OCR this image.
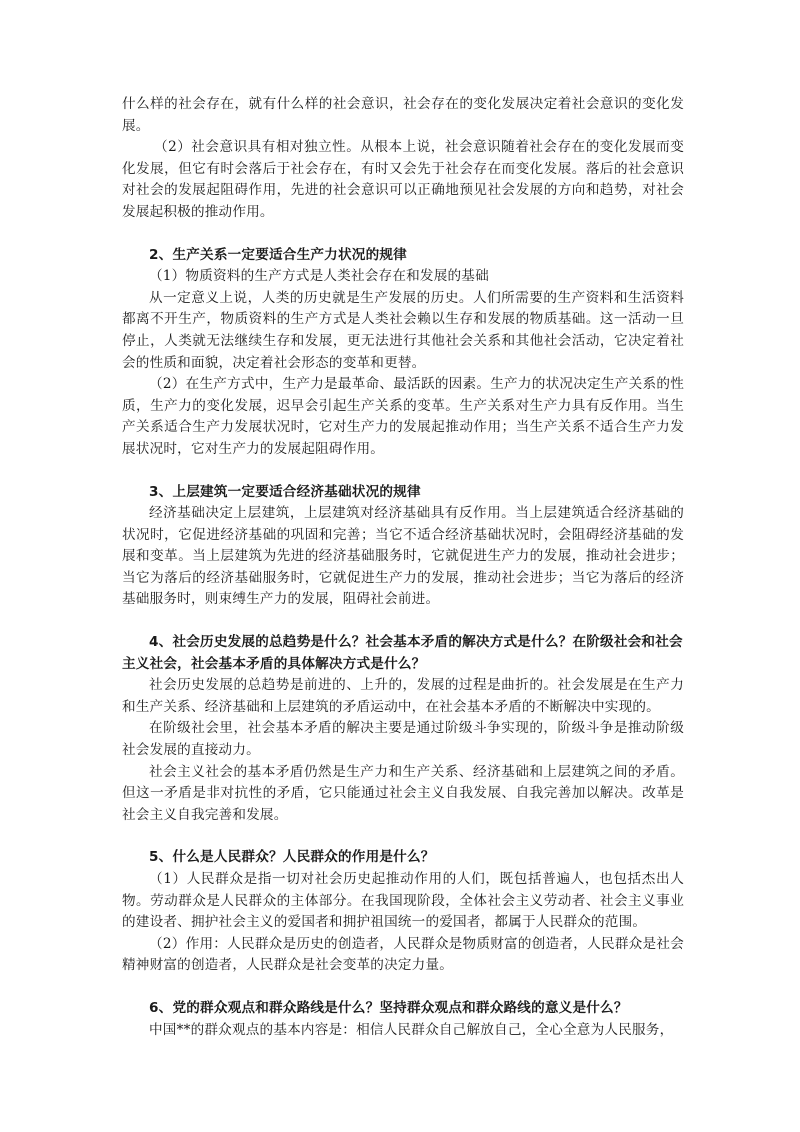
什么样的社会存在，就有什么样的社会意识，社会存在的变化发展决定着社会意识的变化发展。

（2）社会意识具有相对独立性。从根本上说，社会意识随着社会存在的变化发展而变化发展，但它有时会落后于社会存在，有时又会先于社会存在而变化发展。落后的社会意识对社会的发展起阻碍作用，先进的社会意识可以正确地预见社会发展的方向和趋势，对社会发展起积极的推动作用。

2、生产关系一定要适合生产力状况的规律

（1）物质资料的生产方式是人类社会存在和发展的基础

从一定意义上说，人类的历史就是生产发展的历史。人们所需要的生产资料和生活资料都离不开生产，物质资料的生产方式是人类社会赖以生存和发展的物质基础。这一活动一旦停止，人类就无法继续生存和发展，更无法进行其他社会关系和其他社会活动，它决定着社会的性质和面貌，决定着社会形态的变革和更替。

（2）在生产方式中，生产力是最革命、最活跃的因素。生产力的状况决定生产关系的性质，生产力的变化发展，迟早会引起生产关系的变革。生产关系对生产力具有反作用。当生产关系适合生产力发展状况时，它对生产力的发展起推动作用；当生产关系不适合生产力发展状况时，它对生产力的发展起阻碍作用。

3、上层建筑一定要适合经济基础状况的规律

经济基础决定上层建筑，上层建筑对经济基础具有反作用。当上层建筑适合经济基础的状况时，它促进经济基础的巩固和完善；当它不适合经济基础状况时，会阻碍经济基础的发展和变革。当上层建筑为先进的经济基础服务时，它就促进生产力的发展，推动社会进步；当它为落后的经济基础服务时，它就促进生产力的发展，推动社会进步；当它为落后的经济基础服务时，则束缚生产力的发展，阻碍社会前进。

4、社会历史发展的总趋势是什么？社会基本矛盾的解决方式是什么？在阶级社会和社会主义社会，社会基本矛盾的具体解决方式是什么？

社会历史发展的总趋势是前进的、上升的，发展的过程是曲折的。社会发展是在生产力和生产关系、经济基础和上层建筑的矛盾运动中，在社会基本矛盾的不断解决中实现的。

在阶级社会里，社会基本矛盾的解决主要是通过阶级斗争实现的，阶级斗争是推动阶级社会发展的直接动力。

社会主义社会的基本矛盾仍然是生产力和生产关系、经济基础和上层建筑之间的矛盾。但这一矛盾是非对抗性的矛盾，它只能通过社会主义自我发展、自我完善加以解决。改革是社会主义自我完善和发展。

5、什么是人民群众？人民群众的作用是什么？

（1）人民群众是指一切对社会历史起推动作用的人们，既包括普遍人，也包括杰出人物。劳动群众是人民群众的主体部分。在我国现阶段，全体社会主义劳动者、社会主义事业的建设者、拥护社会主义的爱国者和拥护祖国统一的爱国者，都属于人民群众的范围。

（2）作用：人民群众是历史的创造者，人民群众是物质财富的创造者，人民群众是社会精神财富的创造者，人民群众是社会变革的决定力量。

6、党的群众观点和群众路线是什么？坚持群众观点和群众路线的意义是什么？

中国**的群众观点的基本内容是：相信人民群众自己解放自己，全心全意为人民服务，
